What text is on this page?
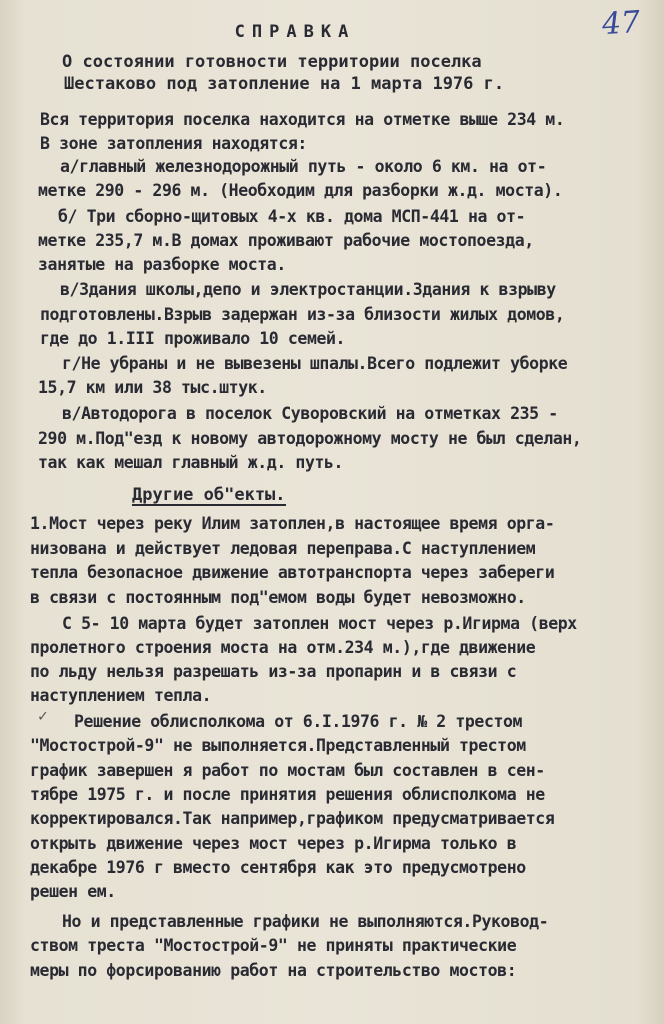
47
СПРАВКА
О состоянии готовности территории поселка
Шестаково под затопление на 1 марта 1976 г.
Вся территория поселка находится на отметке выше 234 м.
В зоне затопления находятся:
а/главный железнодорожный путь - около 6 км. на от-
метке 290 - 296 м. (Необходим для разборки ж.д. моста).
б/ Три сборно-щитовых 4-х кв. дома МСП-441 на от-
метке 235,7 м.В домах проживают рабочие мостопоезда,
занятые на разборке моста.
в/Здания школы,депо и электростанции.Здания к взрыву
подготовлены.Взрыв задержан из-за близости жилых домов,
где до 1.III проживало 10 семей.
г/Не убраны и не вывезены шпалы.Всего подлежит уборке
15,7 км или 38 тыс.штук.
в/Автодорога в поселок Суворовский на отметках 235 -
290 м.Под"езд к новому автодорожному мосту не был сделан,
так как мешал главный ж.д. путь.
Другие об"екты.
1.Мост через реку Илим затоплен,в настоящее время орга-
низована и действует ледовая переправа.С наступлением
тепла безопасное движение автотранспорта через забереги
в связи с постоянным под"емом воды будет невозможно.
С 5- 10 марта будет затоплен мост через р.Игирма (верх
пролетного строения моста на отм.234 м.),где движение
по льду нельзя разрешать из-за пропарин и в связи с
наступлением тепла.
✓ Решение облисполкома от 6.I.1976 г. № 2 трестом
"Мостострой-9" не выполняется.Представленный трестом
график завершен я работ по мостам был составлен в сен-
тябре 1975 г. и после принятия решения облисполкома не
корректировался.Так например,графиком предусматривается
открыть движение через мост через р.Игирма только в
декабре 1976 г вместо сентября как это предусмотрено
решен ем.
Но и представленные графики не выполняются.Руковод-
ством треста "Мостострой-9" не приняты практические
меры по форсированию работ на строительство мостов:
